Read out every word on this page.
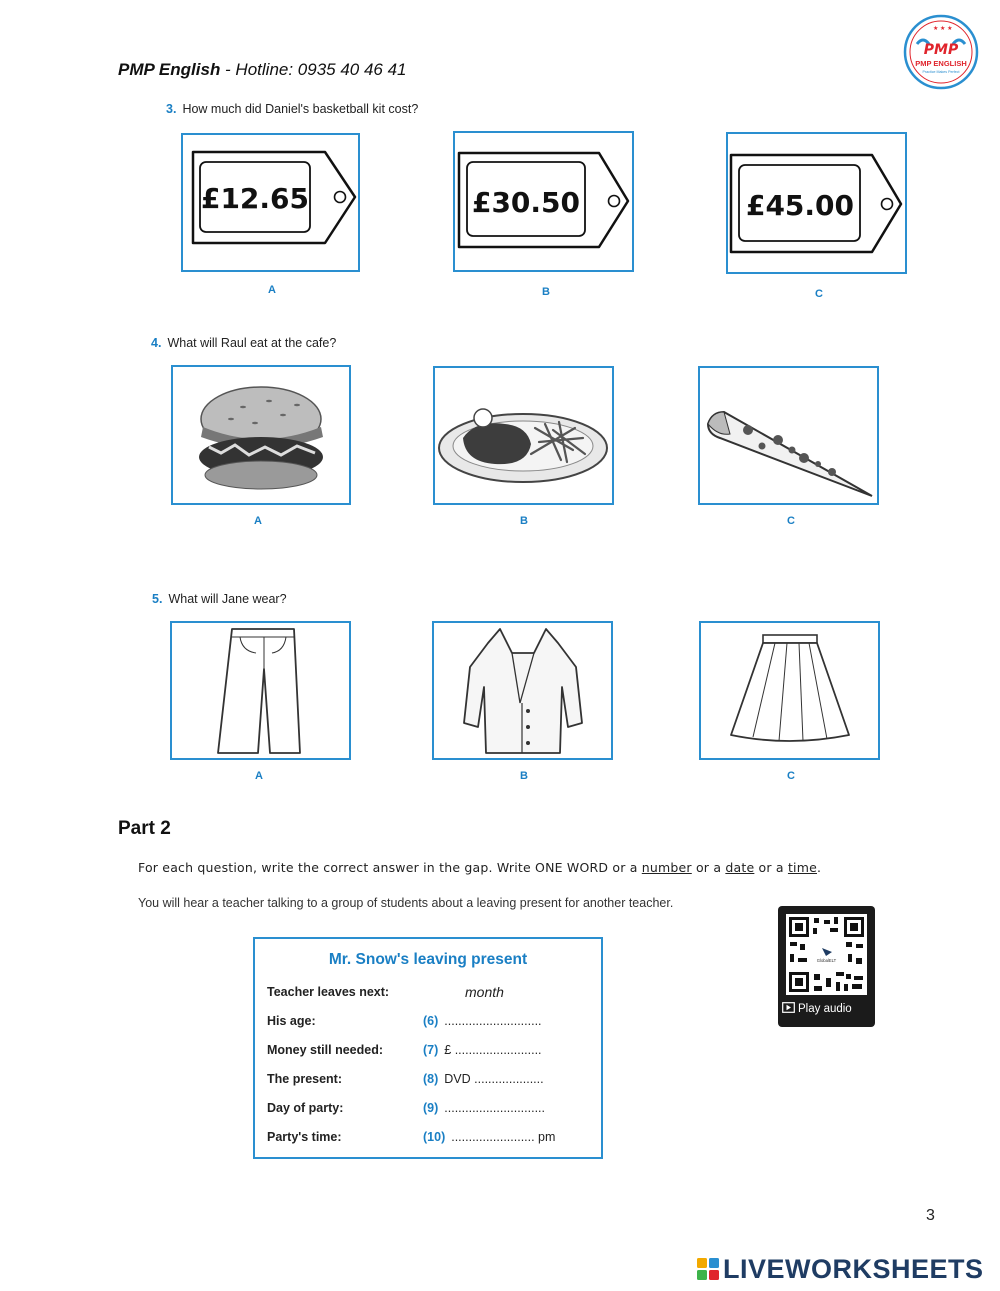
PMP English - Hotline: 0935 40 46 41
★ ★ ★
PMP
PMP ENGLISH
Practice Makes Perfect
3. How much did Daniel's basketball kit cost?
£12.65
A
£30.50
B
£45.00
C
4. What will Raul eat at the cafe?
A	B	C
5. What will Jane wear?
A	B	C
Part 2
For each question, write the correct answer in the gap. Write ONE WORD or a number or a date or a time.
You will hear a teacher talking to a group of students about a leaving present for another teacher.
Mr. Snow's leaving present
Teacher leaves next:	month
His age:	(6) ............................
Money still needed:	(7) £ .........................
The present:	(8) DVD ....................
Day of party:	(9) .............................
Party's time:	(10) ........................ pm
GlobalELT
Play audio
3
LIVEWORKSHEETS
